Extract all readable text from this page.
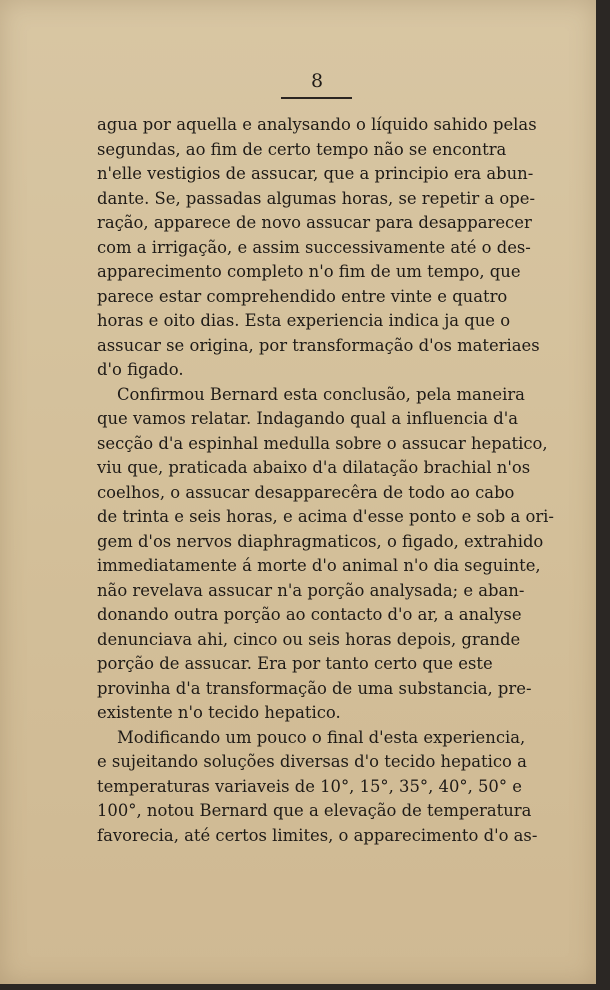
8
agua por aquella e analysando o líquido sahido pelas
segundas, ao fim de certo tempo não se encontra
n'elle vestigios de assucar, que a principio era abun-
dante. Se, passadas algumas horas, se repetir a ope-
ração, apparece de novo assucar para desapparecer
com a irrigação, e assim successivamente até o des-
apparecimento completo n'o fim de um tempo, que
parece estar comprehendido entre vinte e quatro
horas e oito dias. Esta experiencia indica ja que o
assucar se origina, por transformação d'os materiaes
d'o figado.
Confirmou Bernard esta conclusão, pela maneira
que vamos relatar. Indagando qual a influencia d'a
secção d'a espinhal medulla sobre o assucar hepatico,
viu que, praticada abaixo d'a dilatação brachial n'os
coelhos, o assucar desapparecêra de todo ao cabo
de trinta e seis horas, e acima d'esse ponto e sob a ori-
gem d'os nervos diaphragmaticos, o figado, extrahido
immediatamente á morte d'o animal n'o dia seguinte,
não revelava assucar n'a porção analysada; e aban-
donando outra porção ao contacto d'o ar, a analyse
denunciava ahi, cinco ou seis horas depois, grande
porção de assucar. Era por tanto certo que este
provinha d'a transformação de uma substancia, pre-
existente n'o tecido hepatico.
Modificando um pouco o final d'esta experiencia,
e sujeitando soluções diversas d'o tecido hepatico a
temperaturas variaveis de 10°, 15°, 35°, 40°, 50° e
100°, notou Bernard que a elevação de temperatura
favorecia, até certos limites, o apparecimento d'o as-
